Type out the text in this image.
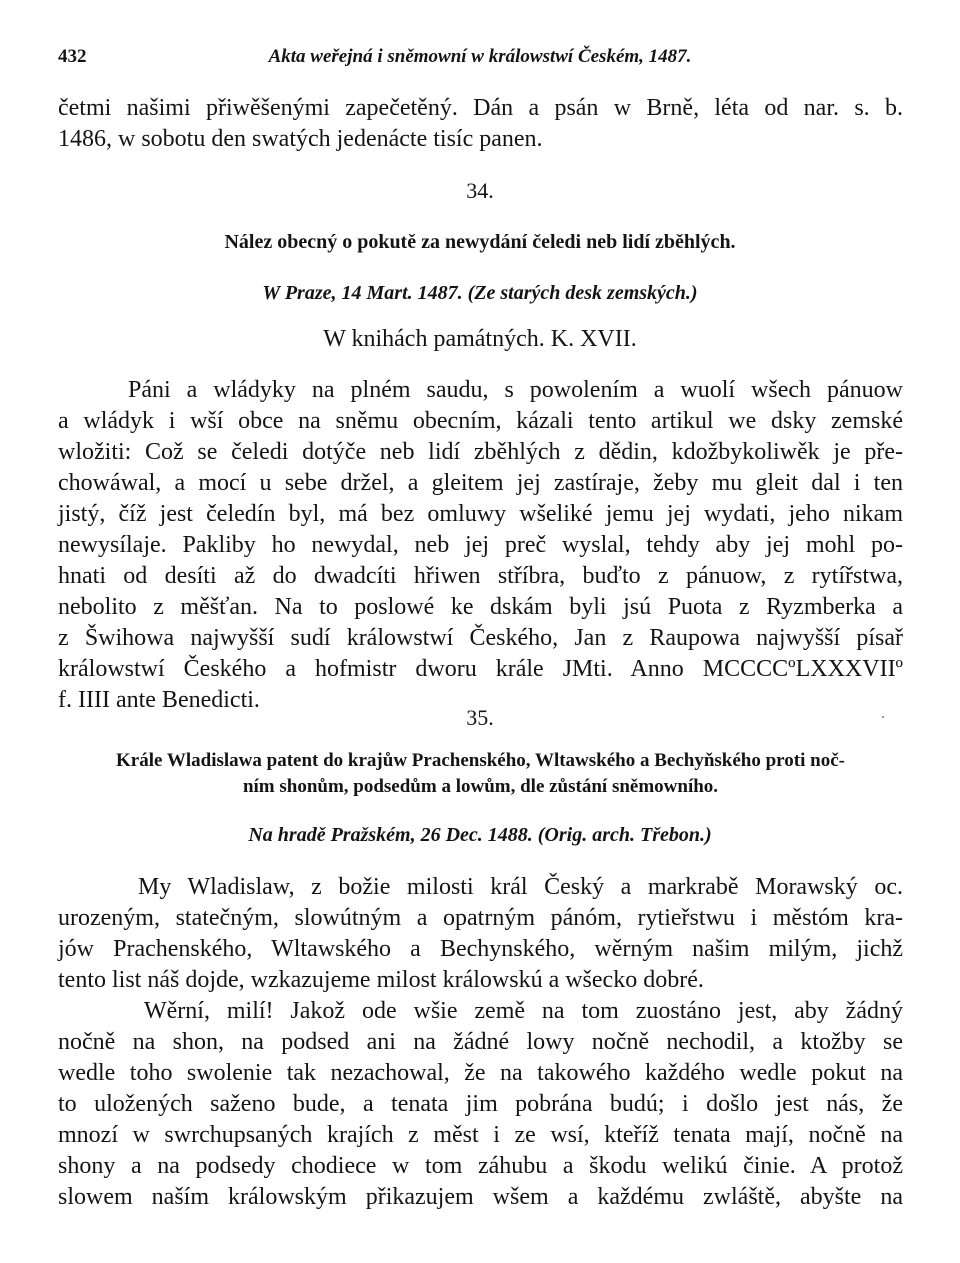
432	Akta weřejná i sněmowní w králowstwí Českém, 1487.
četmi našimi přiwěšenými zapečetěný. Dán a psán w Brně, léta od nar. s. b.
1486, w sobotu den swatých jedenácte tisíc panen.
34.
Nález obecný o pokutě za newydání čeledi neb lidí zběhlých.
W Praze, 14 Mart. 1487. (Ze starých desk zemských.)
W knihách památných. K. XVII.
Páni a wládyky na plném saudu, s powolením a wuolí wšech pánuow
a wládyk i wší obce na sněmu obecním, kázali tento artikul we dsky zemské
wložiti: Což se čeledi dotýče neb lidí zběhlých z dědin, kdožbykoliwěk je pře-
chowáwal, a mocí u sebe držel, a gleitem jej zastíraje, žeby mu gleit dal i ten
jistý, číž jest čeledín byl, má bez omluwy wšeliké jemu jej wydati, jeho nikam
newysílaje. Pakliby ho newydal, neb jej preč wyslal, tehdy aby jej mohl po-
hnati od desíti až do dwadcíti hřiwen stříbra, buďto z pánuow, z rytířstwa,
nebolito z měšťan. Na to poslowé ke dskám byli jsú Puota z Ryzmberka a
z Šwihowa najwyšší sudí králowstwí Českého, Jan z Raupowa najwyšší písař
králowstwí Českého a hofmistr dworu krále JMti. Anno MCCCCºLXXXVIIº
f. IIII ante Benedicti.
35.
Krále Wladislawa patent do krajůw Prachenského, Wltawského a Bechyňského proti noč-
ním shonům, podsedům a lowům, dle zůstání sněmowního.
Na hradě Pražském, 26 Dec. 1488. (Orig. arch. Třebon.)
My Wladislaw, z božie milosti král Český a markrabě Morawský oc.
urozeným, statečným, slowútným a opatrným pánóm, rytieřstwu i městóm kra-
jów Prachenského, Wltawského a Bechynského, wěrným našim milým, jichž
tento list náš dojde, wzkazujeme milost králowskú a wšecko dobré.
Wěrní, milí! Jakož ode wšie země na tom zuostáno jest, aby žádný
nočně na shon, na podsed ani na žádné lowy nočně nechodil, a ktožby se
wedle toho swolenie tak nezachowal, že na takowého každého wedle pokut na
to uložených saženo bude, a tenata jim pobrána budú; i došlo jest nás, že
mnozí w swrchupsaných krajích z měst i ze wsí, kteříž tenata mají, nočně na
shony a na podsedy chodiece w tom záhubu a škodu welikú činie. A protož
slowem naším králowským přikazujem wšem a každému zwláště, abyšte na
